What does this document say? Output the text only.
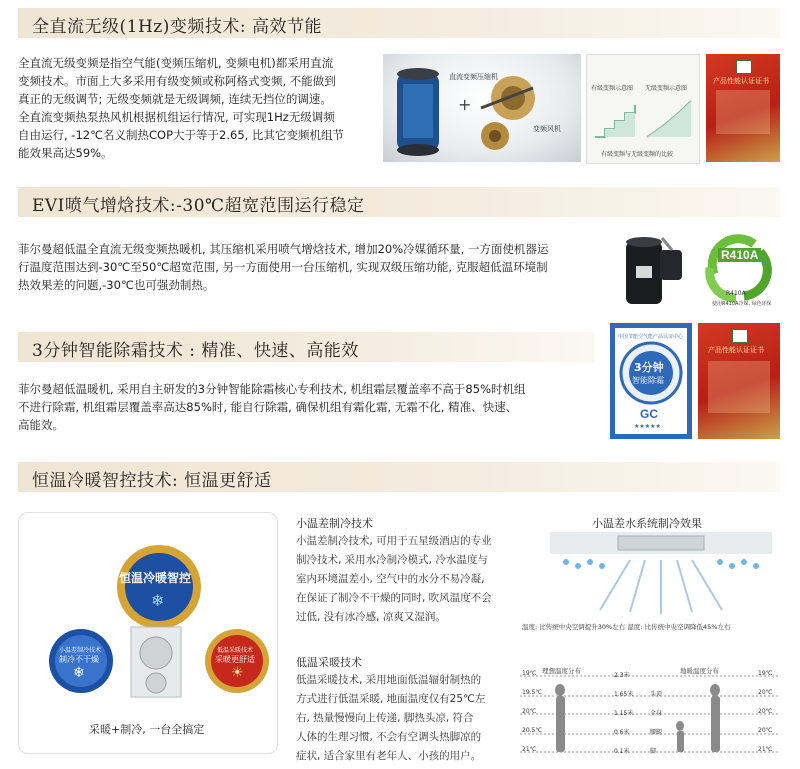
全直流无级(1Hz)变频技术: 高效节能
全直流无级变频是指空气能(变频压缩机, 变频电机)都采用直流
变频技术。市面上大多采用有级变频或称阿格式变频, 不能做到
真正的无级调节; 无级变频就是无级调频, 连续无挡位的调速。
全直流变频热泵热风机根据机组运行情况, 可实现1Hz无级调频
自由运行, -12℃名义制热COP大于等于2.65, 比其它变频机组节
能效果高达59%。
+
直流变频压缩机
变频风机
有级变频示意图 无级变频示意图
有级变频与无级变频的比较
产品性能认证证书
EVI喷气增焓技术:-30℃超宽范围运行稳定
菲尔曼超低温全直流无级变频热暖机, 其压缩机采用喷气增焓技术, 增加20%冷媒循环量, 一方面使机器运
行温度范围达到-30℃至50℃超宽范围, 另一方面使用一台压缩机, 实现双级压缩功能, 克服超低温环境制
热效果差的问题,-30℃也可强劲制热。
R410A
R410A
使用R410A冷媒, 绿色环保
3分钟智能除霜技术 : 精准、快速、高能效
菲尔曼超低温暖机, 采用自主研发的3分钟智能除霜核心专利技术, 机组霜层覆盖率不高于85%时机组
不进行除霜, 机组霜层覆盖率高达85%时, 能自行除霜, 确保机组有霜化霜, 无霜不化, 精准、快速、
高能效。
中国节能空气能产品认证中心
3分钟
智能除霜
GC
★★★★★
产品性能认证证书
恒温冷暖智控技术: 恒温更舒适
恒温冷暖智控
❄
小温差制冷技术
制冷不干燥
❄
低温采暖技术
采暖更舒适
☀
采暖+制冷, 一台全搞定
小温差制冷技术
小温差制冷技术, 可用于五星级酒店的专业
制冷技术, 采用水冷制冷模式, 冷水温度与
室内环境温差小, 空气中的水分不易冷凝,
在保证了制冷不干燥的同时, 吹风温度不会
过低, 没有冰冷感, 凉爽又湿润。
低温采暖技术
低温采暖技术, 采用地面低温辐射制热的
方式进行低温采暖, 地面温度仅有25℃左
右, 热量慢慢向上传递, 脚热头凉, 符合
人体的生理习惯, 不会有空调头热脚凉的
症状, 适合家里有老年人、小孩的用户。
小温差水系统制冷效果
温度: 比传统中央空调提升30%左右 湿度: 比传统中央空调降低45%左右
理想温度分布	地暖温度分布
19℃	2.3米	19℃
19.5℃	1.65米	头顶	20℃
20℃	1.15米	全身	20℃
20.5℃	0.6米	腰腿	20℃
21℃	0.1米	脚	21℃
